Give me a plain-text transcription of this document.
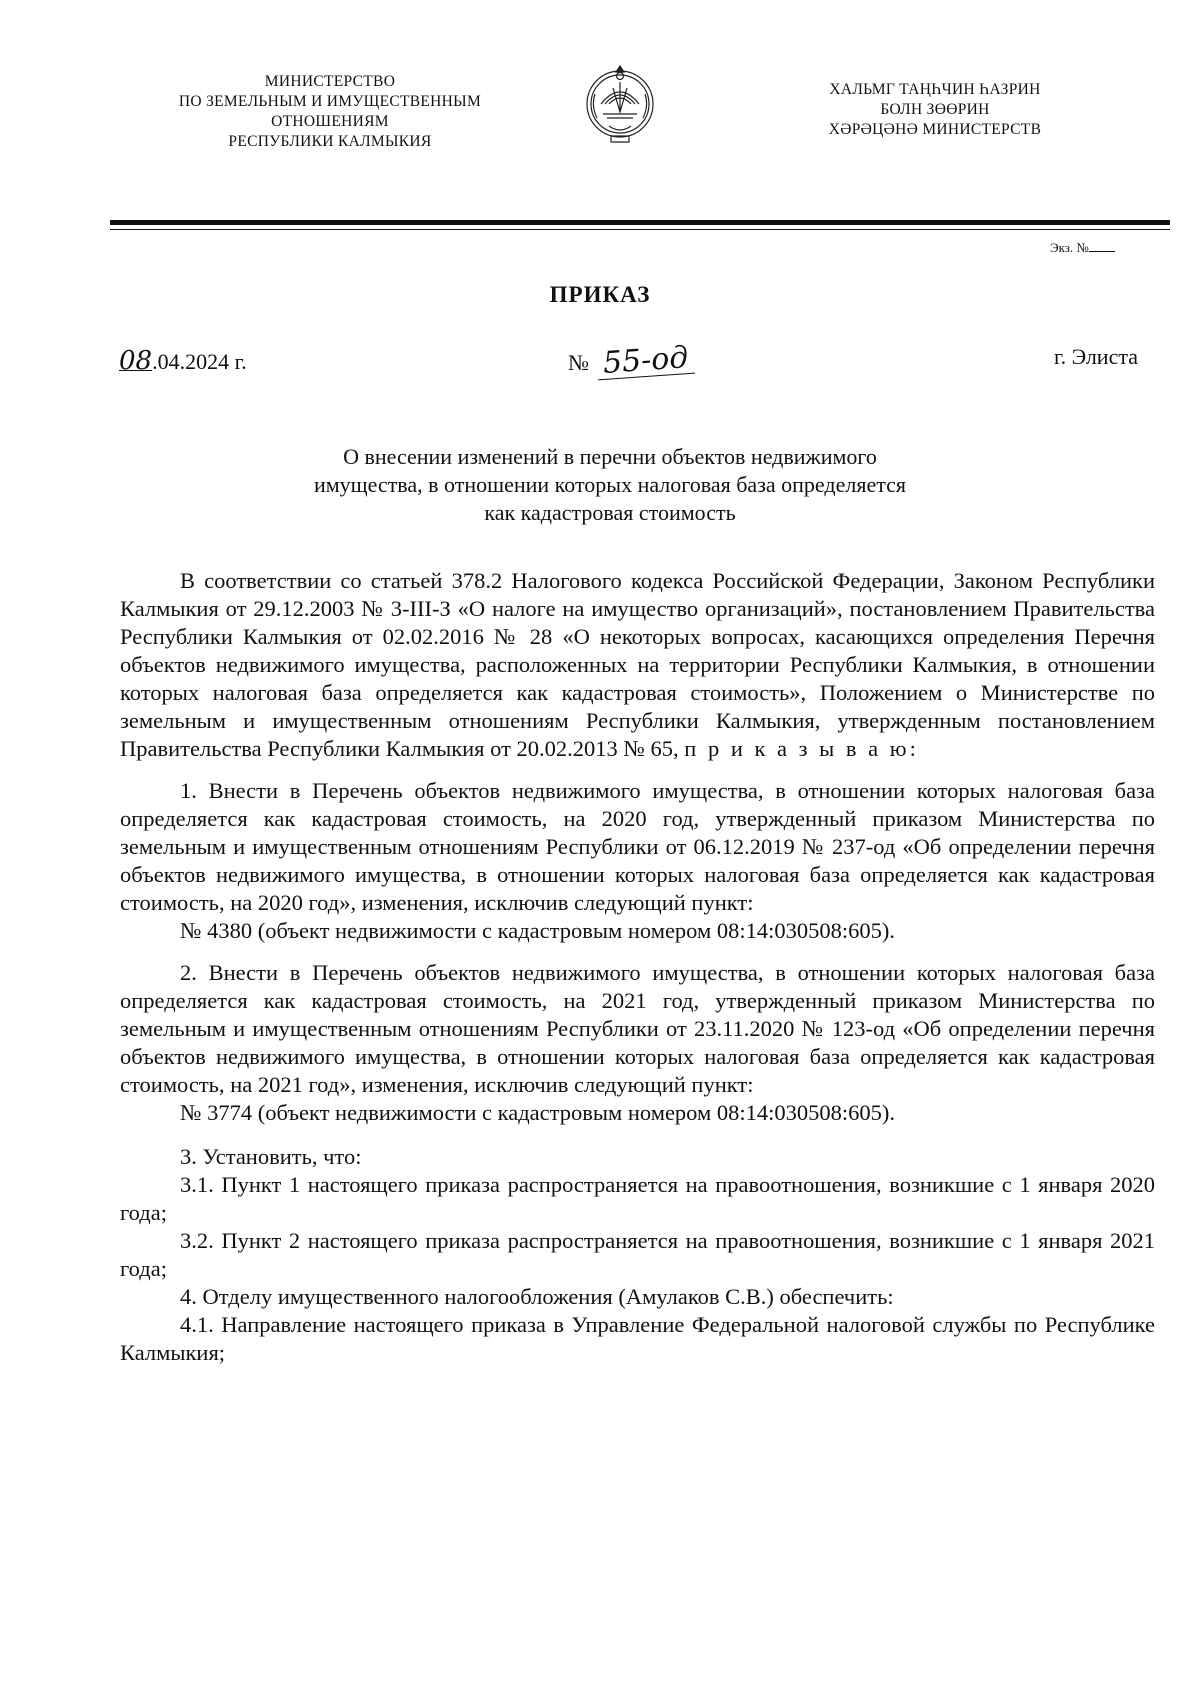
МИНИСТЕРСТВО
ПО ЗЕМЕЛЬНЫМ И ИМУЩЕСТВЕННЫМ
ОТНОШЕНИЯМ
РЕСПУБЛИКИ КАЛМЫКИЯ
ХАЛЬМГ ТАҢҺЧИН ҺАЗРИН
БОЛН ЗӨӨРИН
ХӘРӘЦӘНӘ МИНИСТЕРСТВ
Экз. №
ПРИКАЗ
08.04.2024 г.	№ 55-од	г. Элиста
О внесении изменений в перечни объектов недвижимого
имущества, в отношении которых налоговая база определяется
как кадастровая стоимость

В соответствии со статьей 378.2 Налогового кодекса Российской Федерации, Законом Республики Калмыкия от 29.12.2003 № 3-III-З «О налоге на имущество организаций», постановлением Правительства Республики Калмыкия от 02.02.2016 № 28 «О некоторых вопросах, касающихся определения Перечня объектов недвижимого имущества, расположенных на территории Республики Калмыкия, в отношении которых налоговая база определяется как кадастровая стоимость», Положением о Министерстве по земельным и имущественным отношениям Республики Калмыкия, утвержденным постановлением Правительства Республики Калмыкия от 20.02.2013 № 65, п р и к а з ы в а ю:

1. Внести в Перечень объектов недвижимого имущества, в отношении которых налоговая база определяется как кадастровая стоимость, на 2020 год, утвержденный приказом Министерства по земельным и имущественным отношениям Республики от 06.12.2019 № 237-од «Об определении перечня объектов недвижимого имущества, в отношении которых налоговая база определяется как кадастровая стоимость, на 2020 год», изменения, исключив следующий пункт:

№ 4380 (объект недвижимости с кадастровым номером 08:14:030508:605).

2. Внести в Перечень объектов недвижимого имущества, в отношении которых налоговая база определяется как кадастровая стоимость, на 2021 год, утвержденный приказом Министерства по земельным и имущественным отношениям Республики от 23.11.2020 № 123-од «Об определении перечня объектов недвижимого имущества, в отношении которых налоговая база определяется как кадастровая стоимость, на 2021 год», изменения, исключив следующий пункт:

№ 3774 (объект недвижимости с кадастровым номером 08:14:030508:605).

3. Установить, что:

3.1. Пункт 1 настоящего приказа распространяется на правоотношения, возникшие с 1 января 2020 года;

3.2. Пункт 2 настоящего приказа распространяется на правоотношения, возникшие с 1 января 2021 года;

4. Отделу имущественного налогообложения (Амулаков С.В.) обеспечить:

4.1. Направление настоящего приказа в Управление Федеральной налоговой службы по Республике Калмыкия;
